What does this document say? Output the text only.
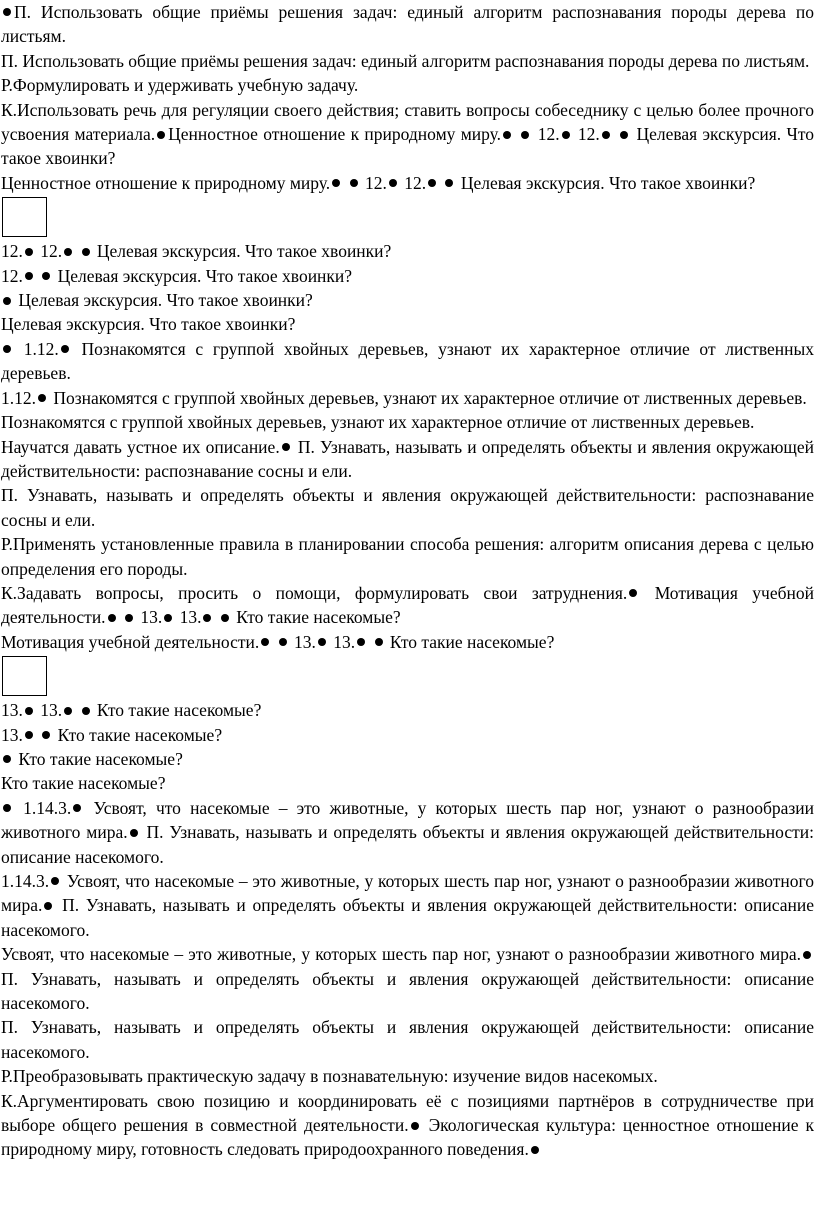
П. Использовать общие приёмы решения задач: единый алгоритм распознавания породы дерева по листьям.

П. Использовать общие приёмы решения задач: единый алгоритм распознавания породы дерева по листьям.

Р.Формулировать и удерживать учебную задачу.

К.Использовать речь для регуляции своего действия; ставить вопросы собеседнику с целью более прочного усвоения материала. Ценностное отношение к природному миру. 12. 12. Целевая экскурсия. Что такое хвоинки?

Ценностное отношение к природному миру. 12. 12. Целевая экскурсия. Что такое хвоинки?

12. 12. Целевая экскурсия. Что такое хвоинки?

12. Целевая экскурсия. Что такое хвоинки?

Целевая экскурсия. Что такое хвоинки?

Целевая экскурсия. Что такое хвоинки?

1.12. Познакомятся с группой хвойных деревьев, узнают их характерное отличие от лиственных деревьев.

1.12. Познакомятся с группой хвойных деревьев, узнают их характерное отличие от лиственных деревьев.

Познакомятся с группой хвойных деревьев, узнают их характерное отличие от лиственных деревьев.

Научатся давать устное их описание. П. Узнавать, называть и определять объекты и явления окружающей действительности: распознавание сосны и ели.

П. Узнавать, называть и определять объекты и явления окружающей действительности: распознавание сосны и ели.

Р.Применять установленные правила в планировании способа решения: алгоритм описания дерева с целью определения его породы.

К.Задавать вопросы, просить о помощи, формулировать свои затруднения. Мотивация учебной деятельности. 13. 13. Кто такие насекомые?

Мотивация учебной деятельности. 13. 13. Кто такие насекомые?

13. 13. Кто такие насекомые?

13. Кто такие насекомые?

Кто такие насекомые?

Кто такие насекомые?

1.14.3. Усвоят, что насекомые – это животные, у которых шесть пар ног, узнают о разнообразии животного мира. П. Узнавать, называть и определять объекты и явления окружающей действительности: описание насекомого.

1.14.3. Усвоят, что насекомые – это животные, у которых шесть пар ног, узнают о разнообразии животного мира. П. Узнавать, называть и определять объекты и явления окружающей действительности: описание насекомого.

Усвоят, что насекомые – это животные, у которых шесть пар ног, узнают о разнообразии животного мира. П. Узнавать, называть и определять объекты и явления окружающей действительности: описание насекомого.

П. Узнавать, называть и определять объекты и явления окружающей действительности: описание насекомого.

Р.Преобразовывать практическую задачу в познавательную: изучение видов насекомых.

К.Аргументировать свою позицию и координировать её с позициями партнёров в сотрудничестве при выборе общего решения в совместной деятельности. Экологическая культура: ценностное отношение к природному миру, готовность следовать природоохранного поведения.
